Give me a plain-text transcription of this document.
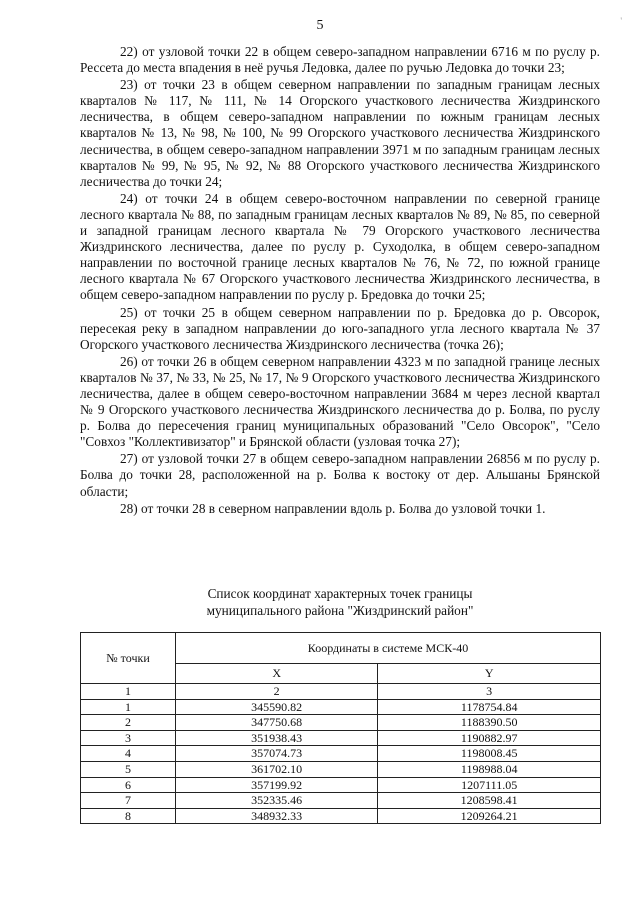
5	'

22) от узловой точки 22 в общем северо-западном направлении 6716 м по руслу р. Рессета до места впадения в неё ручья Ледовка, далее по ручью Ледовка до точки 23;

23) от точки 23 в общем северном направлении по западным границам лесных кварталов № 117, № 111, № 14 Огорского участкового лесничества Жиздринского лесничества, в общем северо-западном направлении по южным границам лесных кварталов № 13, № 98, № 100, № 99 Огорского участкового лесничества Жиздринского лесничества, в общем северо-западном направлении 3971 м по западным границам лесных кварталов № 99, № 95, № 92, № 88 Огорского участкового лесничества Жиздринского лесничества до точки 24;

24) от точки 24 в общем северо-восточном направлении по северной границе лесного квартала № 88, по западным границам лесных кварталов № 89, № 85, по северной и западной границам лесного квартала № 79 Огорского участкового лесничества Жиздринского лесничества, далее по руслу р. Суходолка, в общем северо-западном направлении по восточной границе лесных кварталов № 76, № 72, по южной границе лесного квартала № 67 Огорского участкового лесничества Жиздринского лесничества, в общем северо-западном направлении по руслу р. Бредовка до точки 25;

25) от точки 25 в общем северном направлении по р. Бредовка до р. Овсорок, пересекая реку в западном направлении до юго-западного угла лесного квартала № 37 Огорского участкового лесничества Жиздринского лесничества (точка 26);

26) от точки 26 в общем северном направлении 4323 м по западной границе лесных кварталов № 37, № 33, № 25, № 17, № 9 Огорского участкового лесничества Жиздринского лесничества, далее в общем северо-восточном направлении 3684 м через лесной квартал № 9 Огорского участкового лесничества Жиздринского лесничества до р. Болва, по руслу р. Болва до пересечения границ муниципальных образований "Село Овсорок", "Село "Совхоз "Коллективизатор" и Брянской области (узловая точка 27);

27) от узловой точки 27 в общем северо-западном направлении 26856 м по руслу р. Болва до точки 28, расположенной на р. Болва к востоку от дер. Альшаны Брянской области;

28) от точки 28 в северном направлении вдоль р. Болва до узловой точки 1.

Список координат характерных точек границы
муниципального района "Жиздринский район"
№ точки	Координаты в системе МСК-40	
	X	Y
1	2	3
1	345590.82	1178754.84
2	347750.68	1188390.50
3	351938.43	1190882.97
4	357074.73	1198008.45
5	361702.10	1198988.04
6	357199.92	1207111.05
7	352335.46	1208598.41
8	348932.33	1209264.21
